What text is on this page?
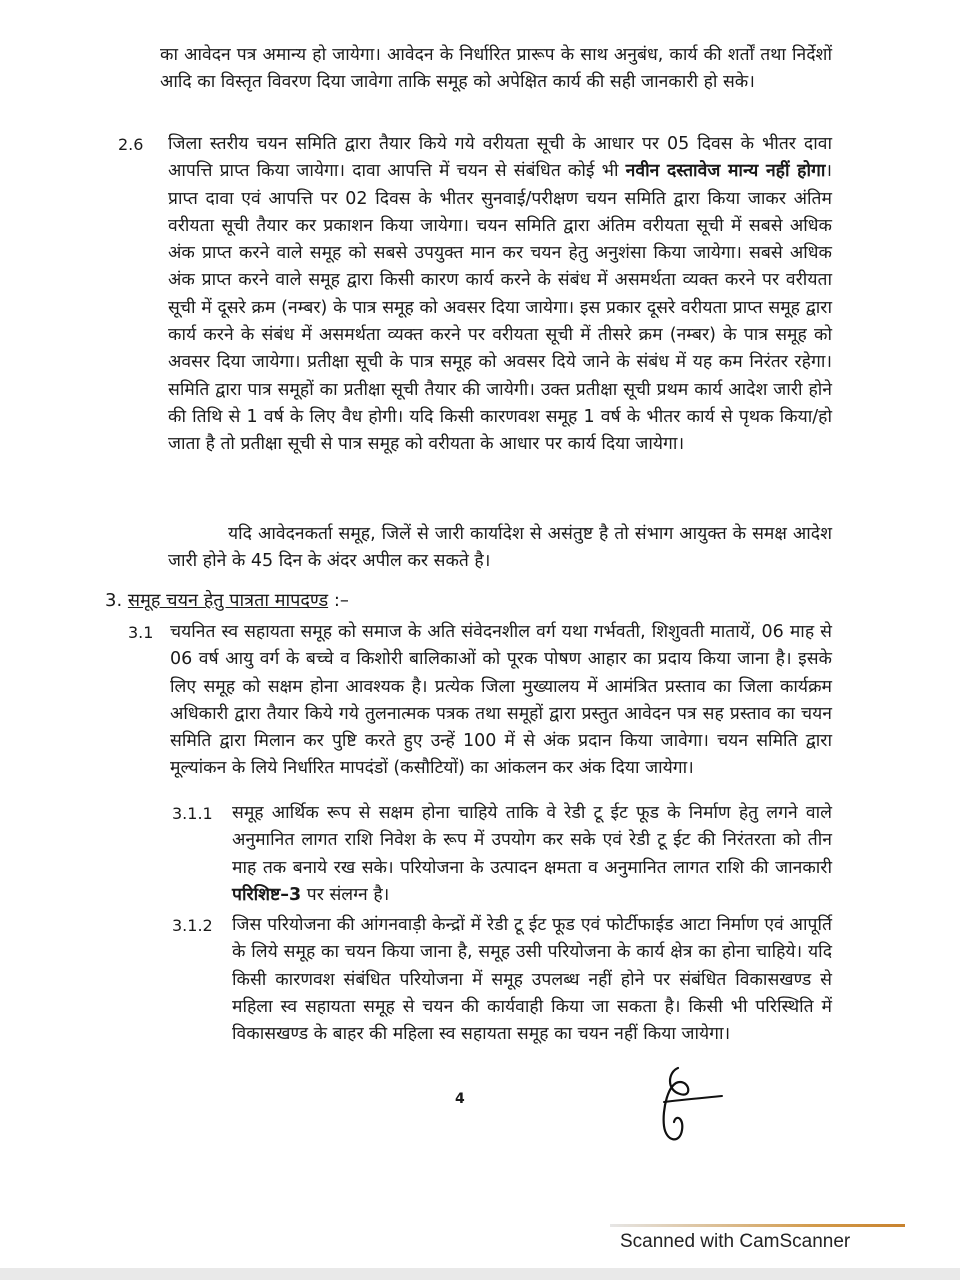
का आवेदन पत्र अमान्य हो जायेगा। आवेदन के निर्धारित प्रारूप के साथ अनुबंध, कार्य की शर्तों तथा निर्देशों आदि का विस्तृत विवरण दिया जावेगा ताकि समूह को अपेक्षित कार्य की सही जानकारी हो सके।

2.6 जिला स्तरीय चयन समिति द्वारा तैयार किये गये वरीयता सूची के आधार पर 05 दिवस के भीतर दावा आपत्ति प्राप्त किया जायेगा। दावा आपत्ति में चयन से संबंधित कोई भी नवीन दस्तावेज मान्य नहीं होगा। प्राप्त दावा एवं आपत्ति पर 02 दिवस के भीतर सुनवाई/परीक्षण चयन समिति द्वारा किया जाकर अंतिम वरीयता सूची तैयार कर प्रकाशन किया जायेगा। चयन समिति द्वारा अंतिम वरीयता सूची में सबसे अधिक अंक प्राप्त करने वाले समूह को सबसे उपयुक्त मान कर चयन हेतु अनुशंसा किया जायेगा। सबसे अधिक अंक प्राप्त करने वाले समूह द्वारा किसी कारण कार्य करने के संबंध में असमर्थता व्यक्त करने पर वरीयता सूची में दूसरे क्रम (नम्बर) के पात्र समूह को अवसर दिया जायेगा। इस प्रकार दूसरे वरीयता प्राप्त समूह द्वारा कार्य करने के संबंध में असमर्थता व्यक्त करने पर वरीयता सूची में तीसरे क्रम (नम्बर) के पात्र समूह को अवसर दिया जायेगा। प्रतीक्षा सूची के पात्र समूह को अवसर दिये जाने के संबंध में यह कम निरंतर रहेगा। समिति द्वारा पात्र समूहों का प्रतीक्षा सूची तैयार की जायेगी। उक्त प्रतीक्षा सूची प्रथम कार्य आदेश जारी होने की तिथि से 1 वर्ष के लिए वैध होगी। यदि किसी कारणवश समूह 1 वर्ष के भीतर कार्य से पृथक किया/हो जाता है तो प्रतीक्षा सूची से पात्र समूह को वरीयता के आधार पर कार्य दिया जायेगा।

यदि आवेदनकर्ता समूह, जिलें से जारी कार्यादेश से असंतुष्ट है तो संभाग आयुक्त के समक्ष आदेश जारी होने के 45 दिन के अंदर अपील कर सकते है।

3. समूह चयन हेतु पात्रता मापदण्ड :–
3.1 चयनित स्व सहायता समूह को समाज के अति संवेदनशील वर्ग यथा गर्भवती, शिशुवती मातायें, 06 माह से 06 वर्ष आयु वर्ग के बच्चे व किशोरी बालिकाओं को पूरक पोषण आहार का प्रदाय किया जाना है। इसके लिए समूह को सक्षम होना आवश्यक है। प्रत्येक जिला मुख्यालय में आमंत्रित प्रस्ताव का जिला कार्यक्रम अधिकारी द्वारा तैयार किये गये तुलनात्मक पत्रक तथा समूहों द्वारा प्रस्तुत आवेदन पत्र सह प्रस्ताव का चयन समिति द्वारा मिलान कर पुष्टि करते हुए उन्हें 100 में से अंक प्रदान किया जावेगा। चयन समिति द्वारा मूल्यांकन के लिये निर्धारित मापदंडों (कसौटियों) का आंकलन कर अंक दिया जायेगा।

3.1.1 समूह आर्थिक रूप से सक्षम होना चाहिये ताकि वे रेडी टू ईट फूड के निर्माण हेतु लगने वाले अनुमानित लागत राशि निवेश के रूप में उपयोग कर सके एवं रेडी टू ईट की निरंतरता को तीन माह तक बनाये रख सके। परियोजना के उत्पादन क्षमता व अनुमानित लागत राशि की जानकारी परिशिष्ट–3 पर संलग्न है।

3.1.2 जिस परियोजना की आंगनवाड़ी केन्द्रों में रेडी टू ईट फूड एवं फोर्टीफाईड आटा निर्माण एवं आपूर्ति के लिये समूह का चयन किया जाना है, समूह उसी परियोजना के कार्य क्षेत्र का होना चाहिये। यदि किसी कारणवश संबंधित परियोजना में समूह उपलब्ध नहीं होने पर संबंधित विकासखण्ड से महिला स्व सहायता समूह से चयन की कार्यवाही किया जा सकता है। किसी भी परिस्थिति में विकासखण्ड के बाहर की महिला स्व सहायता समूह का चयन नहीं किया जायेगा।

4
Scanned with CamScanner
